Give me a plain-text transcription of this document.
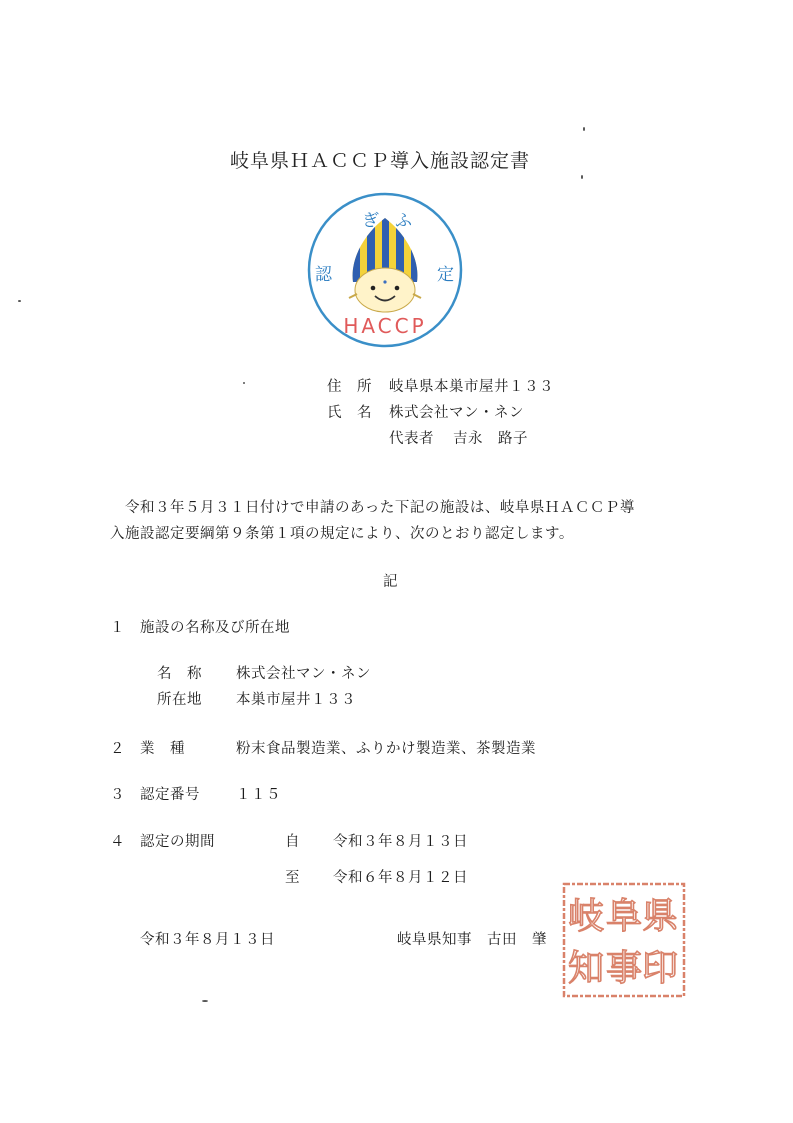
岐阜県ＨＡＣＣＰ導入施設認定書
ぎ ふ
認	定
HACCP
住　所 岐阜県本巣市屋井１３３
氏　名 株式会社マン・ネン
代表者 吉永　路子
令和３年５月３１日付けで申請のあった下記の施設は、岐阜県ＨＡＣＣＰ導
入施設認定要綱第９条第１項の規定により、次のとおり認定します。
記
１ 施設の名称及び所在地
名　称 株式会社マン・ネン
所在地 本巣市屋井１３３
２ 業　種	粉末食品製造業、ふりかけ製造業、茶製造業
３ 認定番号 １１５
４ 認定の期間	自 令和３年８月１３日
至 令和６年８月１２日
令和３年８月１３日	岐阜県知事　古田　肇
県
印
阜
事
岐
知
